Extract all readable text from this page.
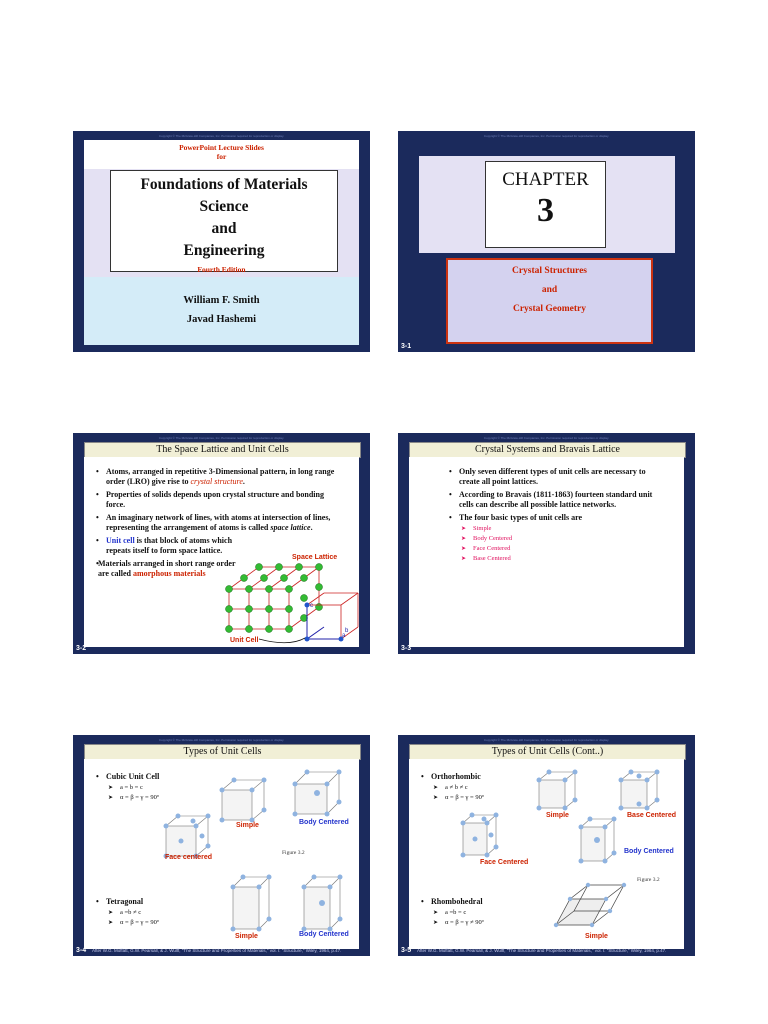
Copyright © The McGraw-Hill Companies, Inc. Permission required for reproduction or display.
PowerPoint Lecture Slides
for
Foundations of Materials
Science
and
Engineering
Fourth Edition
William F. Smith
Javad Hashemi
Copyright © The McGraw-Hill Companies, Inc. Permission required for reproduction or display.
CHAPTER
3
Crystal Structures
and
Crystal Geometry
3-1
Copyright © The McGraw-Hill Companies, Inc. Permission required for reproduction or display.
The Space Lattice and Unit Cells
• Atoms, arranged in repetitive 3-Dimensional pattern, in long range order (LRO) give rise to crystal structure.
• Properties of solids depends upon crystal structure and bonding force.
• An imaginary network of lines, with atoms at intersection of lines, representing the arrangement of atoms is called space lattice.
• Unit cell is that block of atoms which repeats itself to form space lattice.
• Materials arranged in short range order are called amorphous materials
Space Lattice
Unit Cell
a
b
c
3-2
Copyright © The McGraw-Hill Companies, Inc. Permission required for reproduction or display.
Crystal Systems and Bravais Lattice
• Only seven different types of unit cells are necessary to create all point lattices.
• According to Bravais (1811-1863) fourteen standard unit cells can describe all possible lattice networks.
• The four basic types of unit cells are
➤ Simple
➤ Body Centered
➤ Face Centered
➤ Base Centered
3-3
Copyright © The McGraw-Hill Companies, Inc. Permission required for reproduction or display.
Types of Unit Cells
• Cubic Unit Cell
➤ a = b = c
➤ α = β = γ = 90º
• Tetragonal
➤ a =b ≠ c
➤ α = β = γ = 90º
Simple	Body Centered
Face centered
Figure 3.2
Simple	Body Centered
3-4 After W.G. Moffatt, G.W. Pearsall, & J. Wulff, "The Structure and Properties of Materials," vol. I: "Structure," Wiley, 1964, p.47.
Copyright © The McGraw-Hill Companies, Inc. Permission required for reproduction or display.
Types of Unit Cells (Cont..)
• Orthorhombic
➤ a ≠ b ≠ c
➤ α = β = γ = 90º
• Rhombohedral
➤ a =b = c
➤ α = β = γ ≠ 90º
Simple	Base Centered
Face Centered
Body Centered
Figure 3.2
Simple
3-5 After W.G. Moffatt, G.W. Pearsall, & J. Wulff, "The Structure and Properties of Materials," vol. I: "Structure," Wiley, 1964, p.47.
